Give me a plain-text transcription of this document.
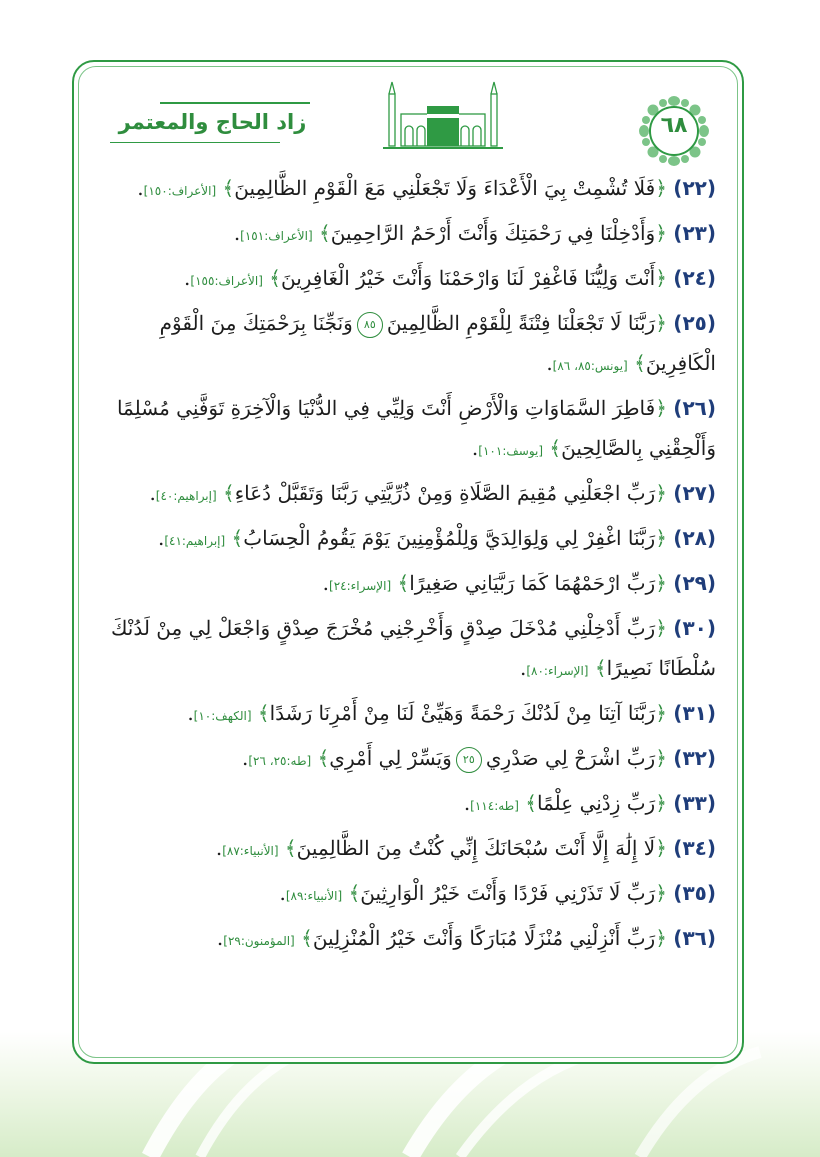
زاد الحاج والمعتمر	٦٨
(٢٢) ﴿فَلَا تُشْمِتْ بِيَ الْأَعْدَاءَ وَلَا تَجْعَلْنِي مَعَ الْقَوْمِ الظَّالِمِينَ﴾ [الأعراف:١٥٠].
(٢٣) ﴿وَأَدْخِلْنَا فِي رَحْمَتِكَ وَأَنْتَ أَرْحَمُ الرَّاحِمِينَ﴾ [الأعراف:١٥١].
(٢٤) ﴿أَنْتَ وَلِيُّنَا فَاغْفِرْ لَنَا وَارْحَمْنَا وَأَنْتَ خَيْرُ الْغَافِرِينَ﴾ [الأعراف:١٥٥].
(٢٥) ﴿رَبَّنَا لَا تَجْعَلْنَا فِتْنَةً لِلْقَوْمِ الظَّالِمِينَ٨٥وَنَجِّنَا بِرَحْمَتِكَ مِنَ الْقَوْمِ الْكَافِرِينَ﴾ [يونس:٨٥، ٨٦].
(٢٦) ﴿فَاطِرَ السَّمَاوَاتِ وَالْأَرْضِ أَنْتَ وَلِيِّي فِي الدُّنْيَا وَالْآخِرَةِ تَوَفَّنِي مُسْلِمًا وَأَلْحِقْنِي بِالصَّالِحِينَ﴾ [يوسف:١٠١].
(٢٧) ﴿رَبِّ اجْعَلْنِي مُقِيمَ الصَّلَاةِ وَمِنْ ذُرِّيَّتِي رَبَّنَا وَتَقَبَّلْ دُعَاءِ﴾ [إبراهيم:٤٠].
(٢٨) ﴿رَبَّنَا اغْفِرْ لِي وَلِوَالِدَيَّ وَلِلْمُؤْمِنِينَ يَوْمَ يَقُومُ الْحِسَابُ﴾ [إبراهيم:٤١].
(٢٩) ﴿رَبِّ ارْحَمْهُمَا كَمَا رَبَّيَانِي صَغِيرًا﴾ [الإسراء:٢٤].
(٣٠) ﴿رَبِّ أَدْخِلْنِي مُدْخَلَ صِدْقٍ وَأَخْرِجْنِي مُخْرَجَ صِدْقٍ وَاجْعَلْ لِي مِنْ لَدُنْكَ سُلْطَانًا نَصِيرًا﴾ [الإسراء:٨٠].
(٣١) ﴿رَبَّنَا آتِنَا مِنْ لَدُنْكَ رَحْمَةً وَهَيِّئْ لَنَا مِنْ أَمْرِنَا رَشَدًا﴾ [الكهف:١٠].
(٣٢) ﴿رَبِّ اشْرَحْ لِي صَدْرِي٢٥وَيَسِّرْ لِي أَمْرِي﴾ [طه:٢٥، ٢٦].
(٣٣) ﴿رَبِّ زِدْنِي عِلْمًا﴾ [طه:١١٤].
(٣٤) ﴿لَا إِلَٰهَ إِلَّا أَنْتَ سُبْحَانَكَ إِنِّي كُنْتُ مِنَ الظَّالِمِينَ﴾ [الأنبياء:٨٧].
(٣٥) ﴿رَبِّ لَا تَذَرْنِي فَرْدًا وَأَنْتَ خَيْرُ الْوَارِثِينَ﴾ [الأنبياء:٨٩].
(٣٦) ﴿رَبِّ أَنْزِلْنِي مُنْزَلًا مُبَارَكًا وَأَنْتَ خَيْرُ الْمُنْزِلِينَ﴾ [المؤمنون:٢٩].
